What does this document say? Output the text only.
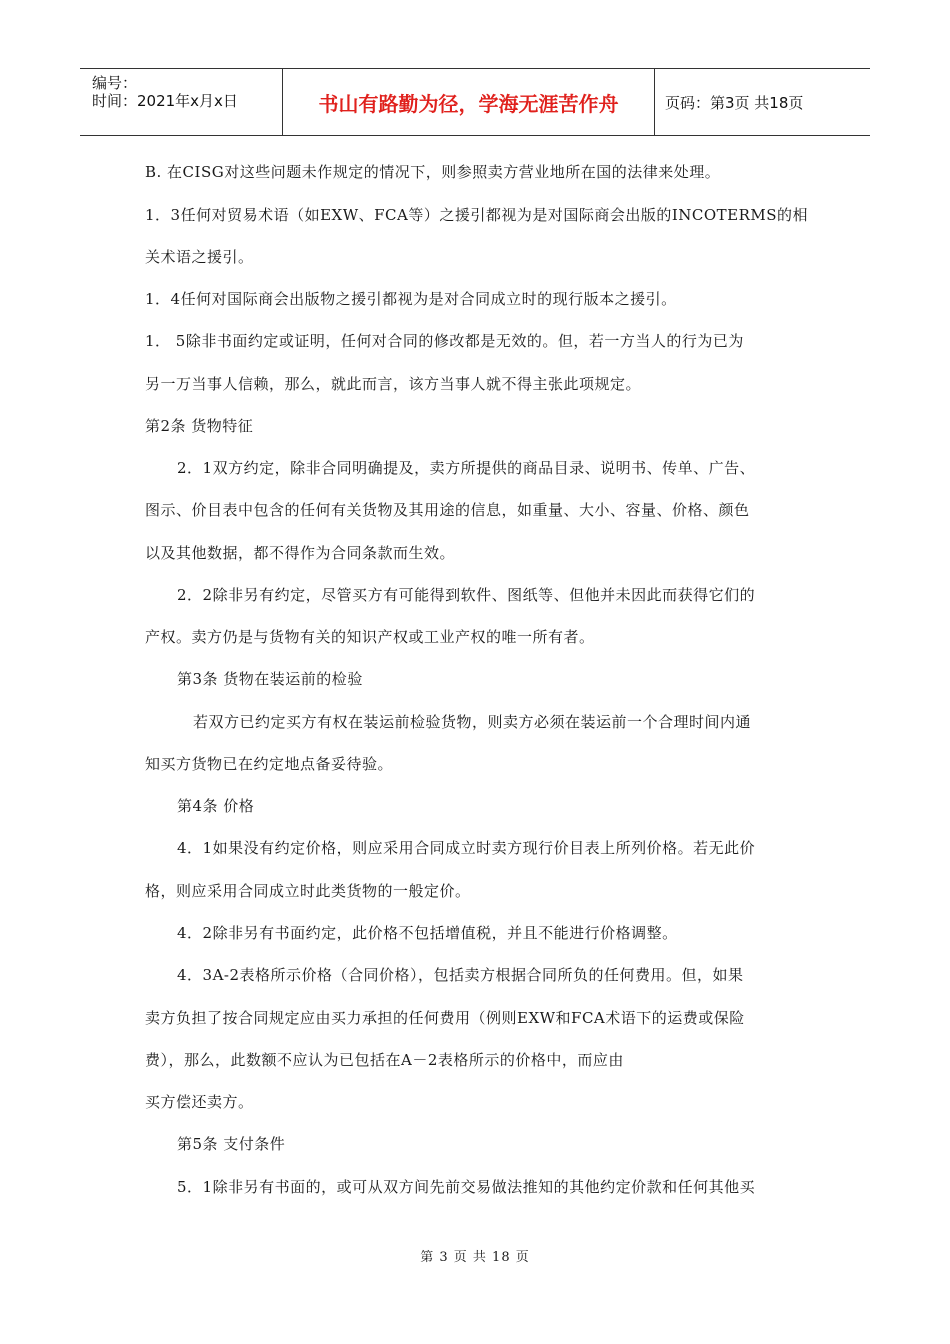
编号：
时间：2021年x月x日	书山有路勤为径，学海无涯苦作舟	页码：第3页 共18页
B. 在CISG对这些问题未作规定的情况下，则参照卖方营业地所在国的法律来处理。
1．3任何对贸易术语（如EXW、FCA等）之援引都视为是对国际商会出版的INCOTERMS的相
关术语之援引。
1．4任何对国际商会出版物之援引都视为是对合同成立时的现行版本之援引。
1． 5除非书面约定或证明，任何对合同的修改都是无效的。但，若一方当人的行为已为
另一万当事人信赖，那么，就此而言，该方当事人就不得主张此项规定。
第2条 货物特征
2．1双方约定，除非合同明确提及，卖方所提供的商品目录、说明书、传单、广告、
图示、价目表中包含的任何有关货物及其用途的信息，如重量、大小、容量、价格、颜色
以及其他数据，都不得作为合同条款而生效。
2．2除非另有约定，尽管买方有可能得到软件、图纸等、但他并未因此而获得它们的
产权。卖方仍是与货物有关的知识产权或工业产权的唯一所有者。
第3条 货物在装运前的检验
若双方已约定买方有权在装运前检验货物，则卖方必须在装运前一个合理时间内通
知买方货物已在约定地点备妥待验。
第4条 价格
4．1如果没有约定价格，则应采用合同成立时卖方现行价目表上所列价格。若无此价
格，则应采用合同成立时此类货物的一般定价。
4．2除非另有书面约定，此价格不包括增值税，并且不能进行价格调整。
4．3A-2表格所示价格（合同价格），包括卖方根据合同所负的任何费用。但，如果
卖方负担了按合同规定应由买力承担的任何费用（例则EXW和FCA术语下的运费或保险
费），那么，此数额不应认为已包括在A－2表格所示的价格中，而应由
买方偿还卖方。
第5条 支付条件
5．1除非另有书面的，或可从双方间先前交易做法推知的其他约定价款和任何其他买
第 3 页 共 18 页
